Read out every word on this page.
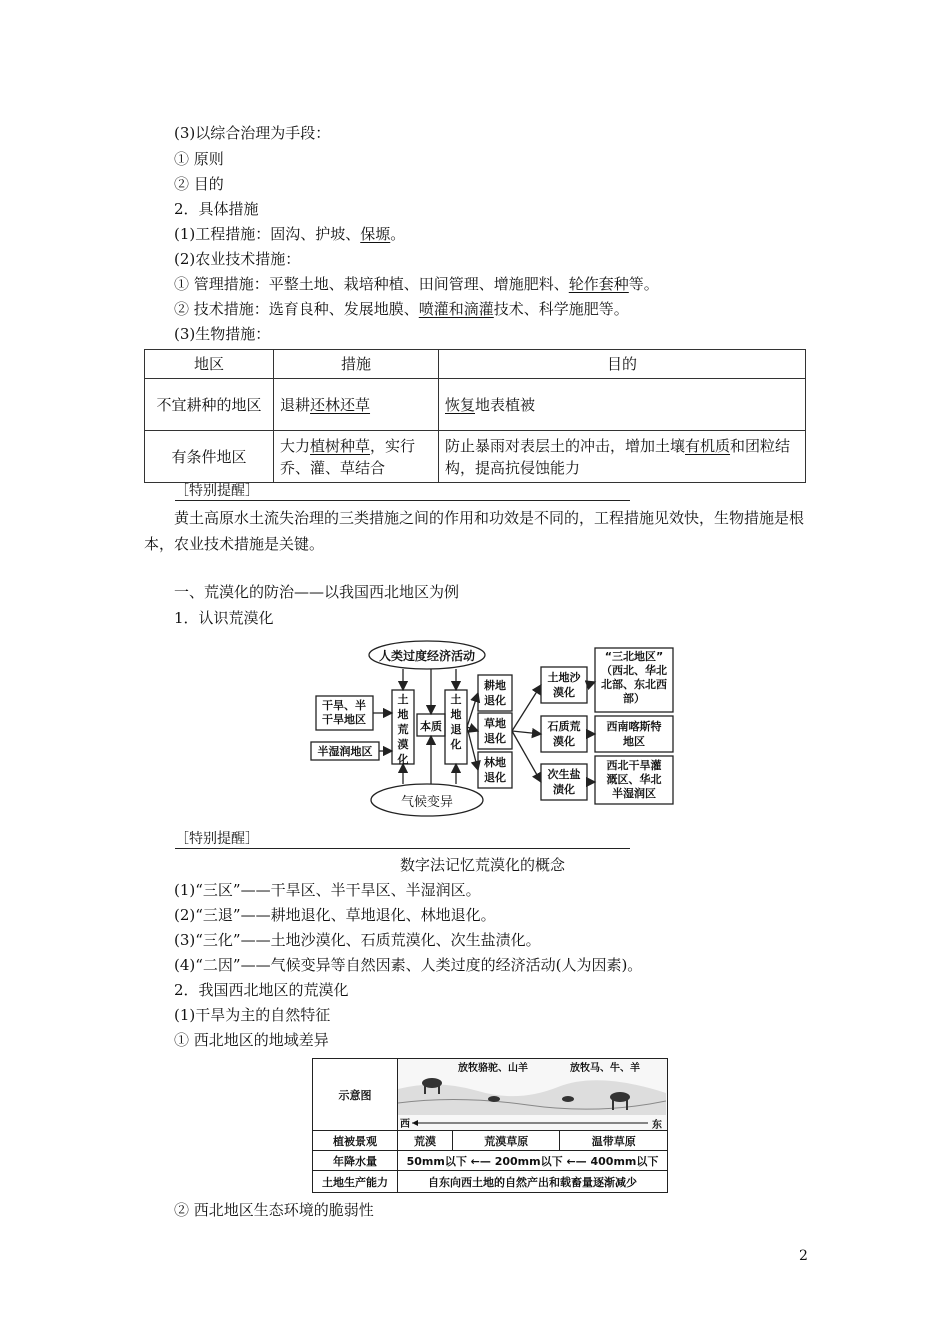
(3)以综合治理为手段：
① 原则
② 目的
2．具体措施
(1)工程措施：固沟、护坡、保塬。
(2)农业技术措施：
① 管理措施：平整土地、栽培种植、田间管理、增施肥料、轮作套种等。
② 技术措施：选育良种、发展地膜、喷灌和滴灌技术、科学施肥等。
(3)生物措施：
地区	措施	目的
不宜耕种的地区	退耕还林还草	恢复地表植被
有条件地区	大力植树种草，实行乔、灌、草结合	防止暴雨对表层土的冲击，增加土壤有机质和团粒结构，提高抗侵蚀能力
［特别提醒］
黄土高原水土流失治理的三类措施之间的作用和功效是不同的，工程措施见效快，生物措施是根本，农业技术措施是关键。
一、荒漠化的防治——以我国西北地区为例
1．认识荒漠化
人类过度经济活动
气候变异
干旱、半干旱地区
半湿润地区
土地荒漠化
本质
土地退化
耕地退化
草地退化
林地退化
土地沙漠化
石质荒漠化
次生盐渍化
“三北地区”（西北、华北北部、东北西部）
西南喀斯特地区
西北干旱灌溉区、华北半湿润区
［特别提醒］
数字法记忆荒漠化的概念
(1)“三区”——干旱区、半干旱区、半湿润区。
(2)“三退”——耕地退化、草地退化、林地退化。
(3)“三化”——土地沙漠化、石质荒漠化、次生盐渍化。
(4)“二因”——气候变异等自然因素、人类过度的经济活动(人为因素)。
2．我国西北地区的荒漠化
(1)干旱为主的自然特征
① 西北地区的地域差异
示意图	放牧骆驼、山羊 放牧马、牛、羊
西 东		

植被景观	荒漠	荒漠草原	温带草原
年降水量	50mm以下 ←— 200mm以下 ←— 400mm以下		
土地生产能力	自东向西土地的自然产出和载畜量逐渐减少		
② 西北地区生态环境的脆弱性
2
